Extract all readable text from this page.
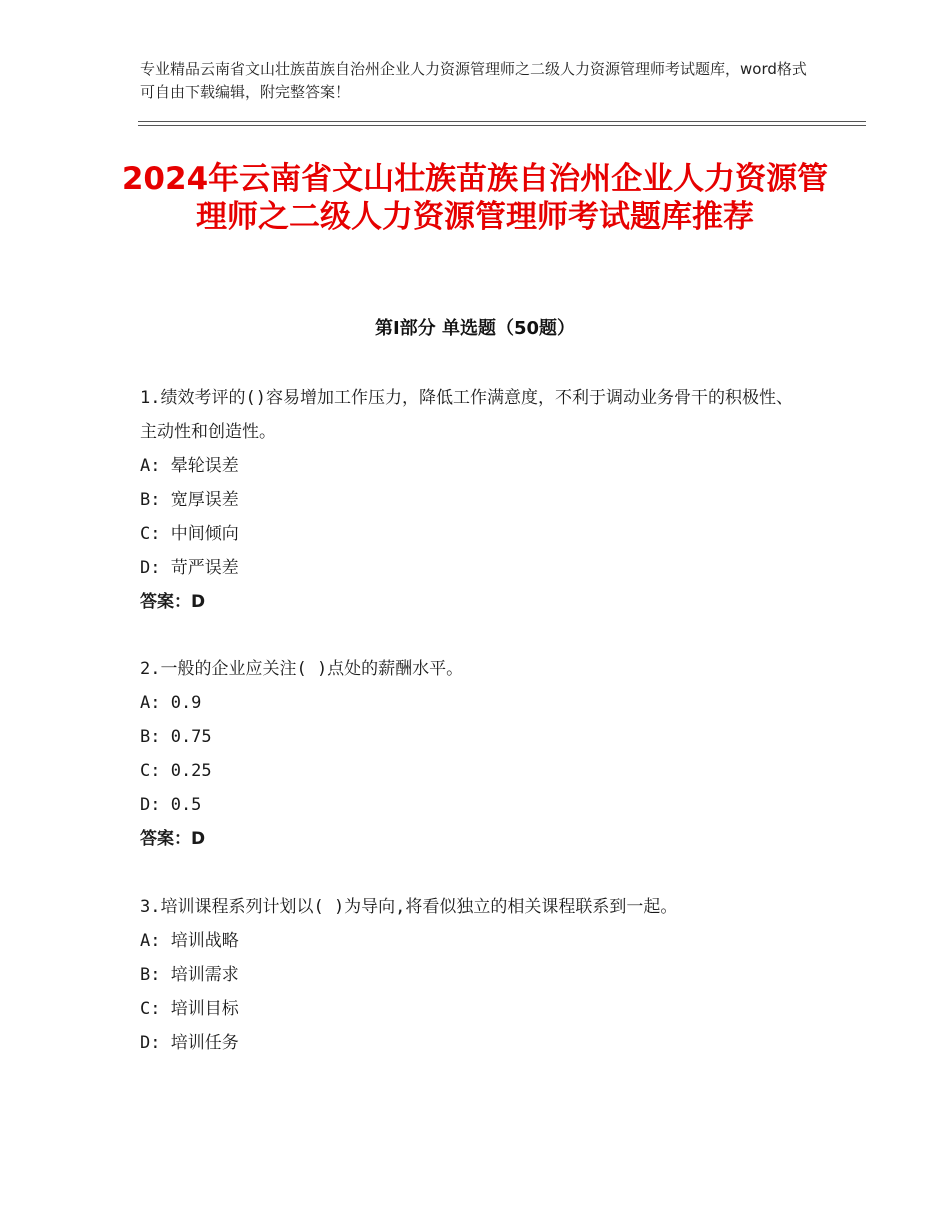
专业精品云南省文山壮族苗族自治州企业人力资源管理师之二级人力资源管理师考试题库，word格式可自由下载编辑，附完整答案！
2024年云南省文山壮族苗族自治州企业人力资源管理师之二级人力资源管理师考试题库推荐
第Ⅰ部分 单选题（50题）
1.绩效考评的()容易增加工作压力，降低工作满意度，不利于调动业务骨干的积极性、主动性和创造性。
A: 晕轮误差
B: 宽厚误差
C: 中间倾向
D: 苛严误差
答案：D
2.一般的企业应关注( )点处的薪酬水平。
A: 0.9
B: 0.75
C: 0.25
D: 0.5
答案：D
3.培训课程系列计划以( )为导向,将看似独立的相关课程联系到一起。
A: 培训战略
B: 培训需求
C: 培训目标
D: 培训任务
